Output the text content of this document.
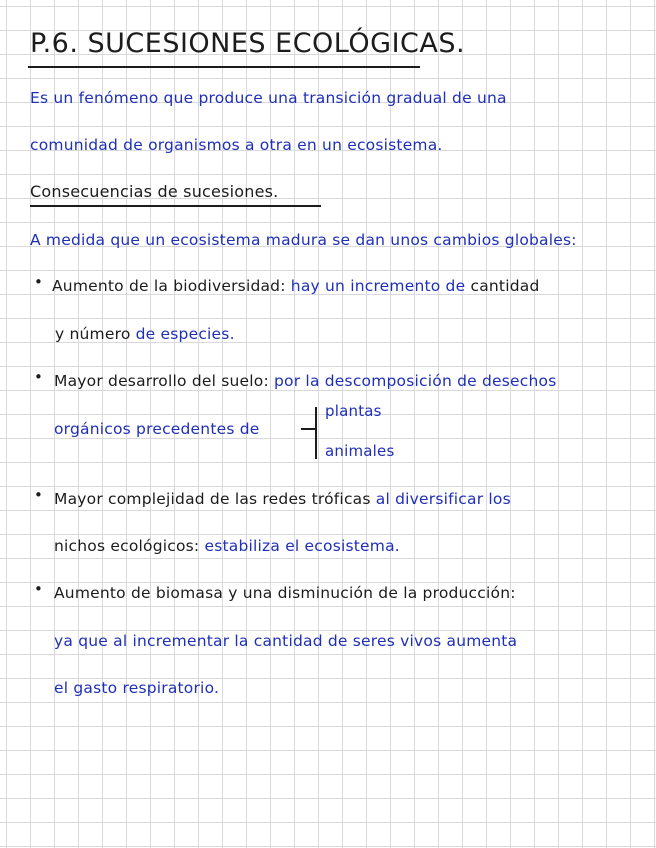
P.6. SUCESIONES ECOLÓGICAS.
Es un fenómeno que produce una transición gradual de una
comunidad de organismos a otra en un ecosistema.
Consecuencias de sucesiones.
A medida que un ecosistema madura se dan unos cambios globales:
• Aumento de la biodiversidad: hay un incremento de cantidad
y número de especies.
• Mayor desarrollo del suelo: por la descomposición de desechos
orgánicos precedentes de
plantas
animales
• Mayor complejidad de las redes tróficas al diversificar los
nichos ecológicos: estabiliza el ecosistema.
• Aumento de biomasa y una disminución de la producción:
ya que al incrementar la cantidad de seres vivos aumenta
el gasto respiratorio.
